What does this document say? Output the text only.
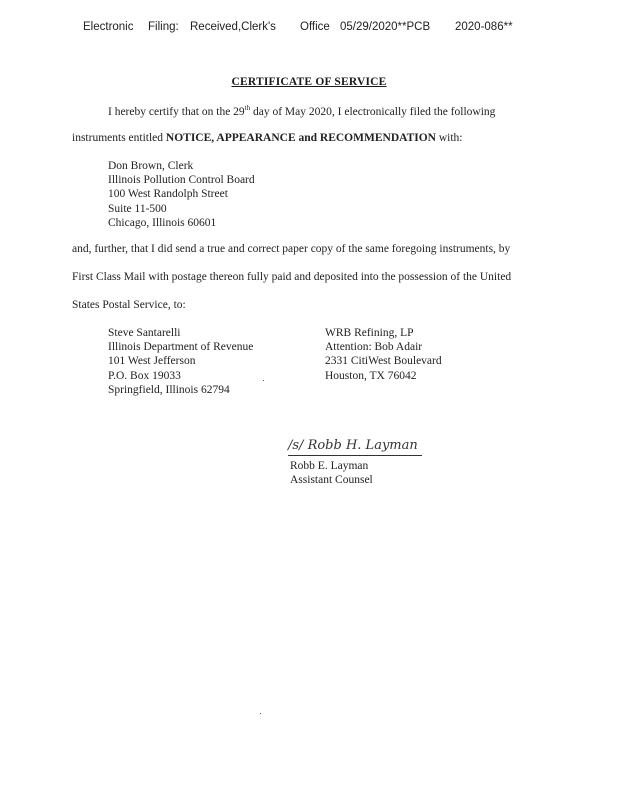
Electronic Filing: Received,Clerk's Office 05/29/2020**PCB 2020-086**
CERTIFICATE OF SERVICE
I hereby certify that on the 29th day of May 2020, I electronically filed the following
instruments entitled NOTICE, APPEARANCE and RECOMMENDATION with:
Don Brown, Clerk
Illinois Pollution Control Board
100 West Randolph Street
Suite 11-500
Chicago, Illinois 60601
and, further, that I did send a true and correct paper copy of the same foregoing instruments, by
First Class Mail with postage thereon fully paid and deposited into the possession of the United
States Postal Service, to:
Steve Santarelli
Illinois Department of Revenue
101 West Jefferson
P.O. Box 19033
Springfield, Illinois 62794
WRB Refining, LP
Attention: Bob Adair
2331 CitiWest Boulevard
Houston, TX 76042
/s/ Robb H. Layman
Robb E. Layman
Assistant Counsel
